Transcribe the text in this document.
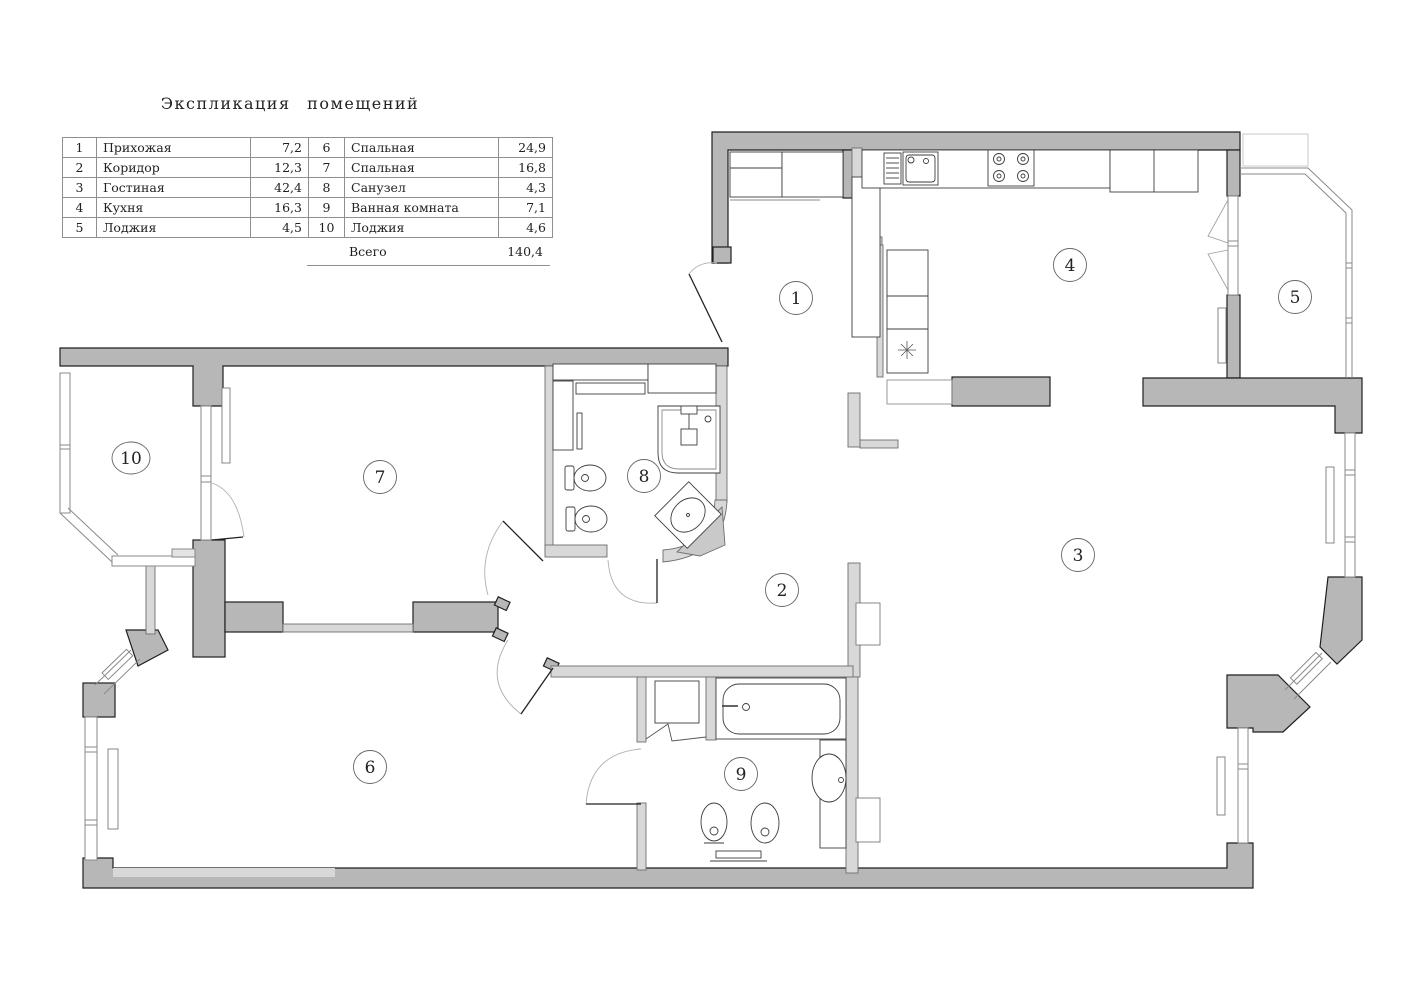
Экспликация помещений
1	Прихожая	7,2	6	Спальная	24,9
2	Коридор	12,3	7	Спальная	16,8
3	Гостиная	42,4	8	Санузел	4,3
4	Кухня	16,3	9	Ванная комната	7,1
5	Лоджия	4,5	10	Лоджия	4,6
Всего	140,4
1
2
3
4
5
6
7	8
9
10
